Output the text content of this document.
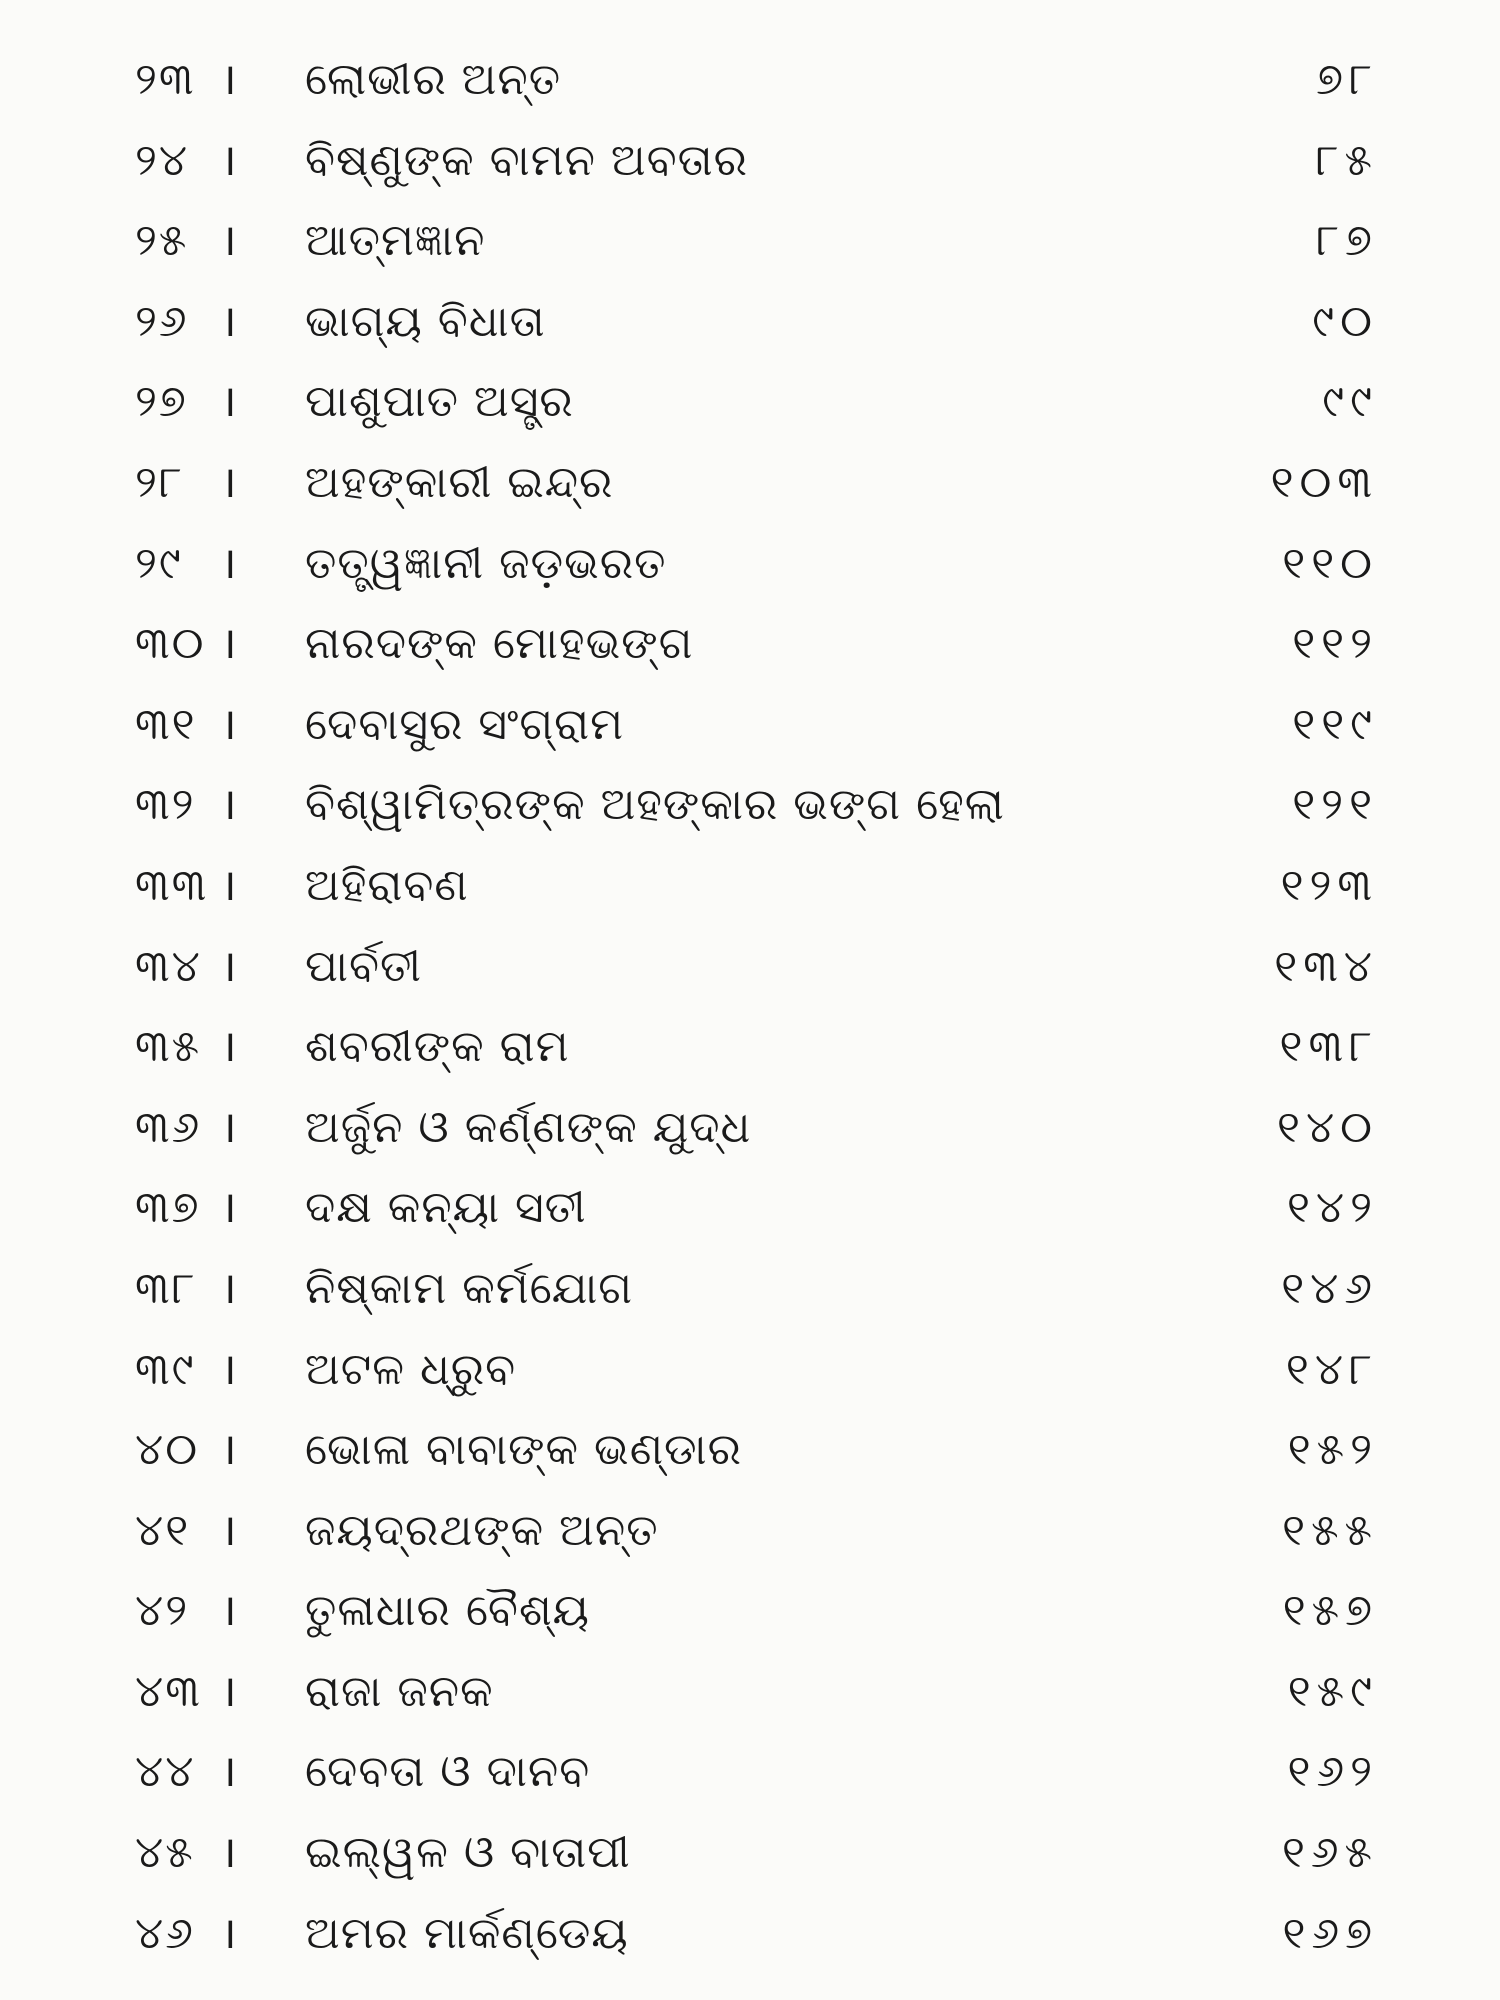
୨୩ । ଲୋଭୀର ଅନ୍ତ	୭୮
୨୪ । ବିଷ୍ଣୁଙ୍କ ବାମନ ଅବତାର	୮୫
୨୫ । ଆତ୍ମଜ୍ଞାନ	୮୭
୨୬ । ଭାଗ୍ୟ ବିଧାତା	୯୦
୨୭ । ପାଶୁପାତ ଅସ୍ତ୍ର	୯୯
୨୮ । ଅହଙ୍କାରୀ ଇନ୍ଦ୍ର	୧୦୩
୨୯ । ତତ୍ତ୍ୱଜ୍ଞାନୀ ଜଡ଼ଭରତ	୧୧୦
୩୦ । ନାରଦଙ୍କ ମୋହଭଙ୍ଗ	୧୧୨
୩୧ । ଦେବାସୁର ସଂଗ୍ରାମ	୧୧୯
୩୨ । ବିଶ୍ୱାମିତ୍ରଙ୍କ ଅହଙ୍କାର ଭଙ୍ଗ ହେଲା	୧୨୧
୩୩ । ଅହିରାବଣ	୧୨୩
୩୪ । ପାର୍ବତୀ	୧୩୪
୩୫ । ଶବରୀଙ୍କ ରାମ	୧୩୮
୩୬ । ଅର୍ଜୁନ ଓ କର୍ଣ୍ଣଙ୍କ ଯୁଦ୍ଧ	୧୪୦
୩୭ । ଦକ୍ଷ କନ୍ୟା ସତୀ	୧୪୨
୩୮ । ନିଷ୍କାମ କର୍ମଯୋଗ	୧୪୬
୩୯ । ଅଟଳ ଧ୍ରୁବ	୧୪୮
୪୦ । ଭୋଳା ବାବାଙ୍କ ଭଣ୍ଡାର	୧୫୨
୪୧ । ଜୟଦ୍ରଥଙ୍କ ଅନ୍ତ	୧୫୫
୪୨ । ତୁଳାଧାର ବୈଶ୍ୟ	୧୫୭
୪୩ । ରାଜା ଜନକ	୧୫୯
୪୪ । ଦେବତା ଓ ଦାନବ	୧୬୨
୪୫ । ଇଲ୍ୱଳ ଓ ବାତାପୀ	୧୬୫
୪୬ । ଅମର ମାର୍କଣ୍ଡେୟ	୧୬୭
